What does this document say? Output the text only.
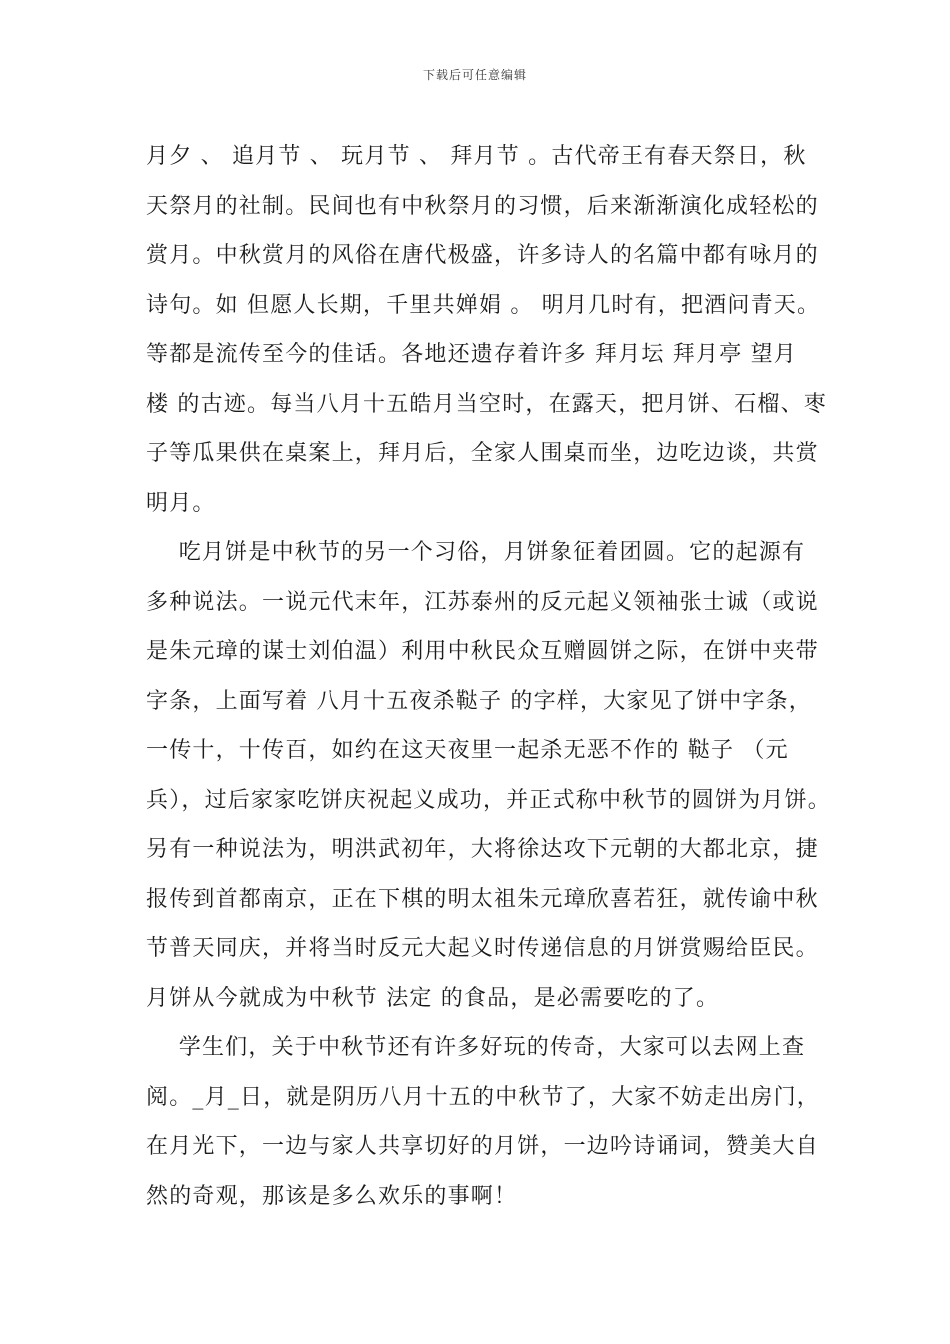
下载后可任意编辑
月夕 、 追月节 、 玩月节 、 拜月节 。古代帝王有春天祭日，秋
天祭月的社制。民间也有中秋祭月的习惯，后来渐渐演化成轻松的
赏月。中秋赏月的风俗在唐代极盛，许多诗人的名篇中都有咏月的
诗句。如 但愿人长期，千里共婵娟 。 明月几时有，把酒问青天。
等都是流传至今的佳话。各地还遗存着许多 拜月坛 拜月亭 望月
楼 的古迹。每当八月十五皓月当空时，在露天，把月饼、石榴、枣
子等瓜果供在桌案上，拜月后，全家人围桌而坐，边吃边谈，共赏
明月。
吃月饼是中秋节的另一个习俗，月饼象征着团圆。它的起源有
多种说法。一说元代末年，江苏泰州的反元起义领袖张士诚（或说
是朱元璋的谋士刘伯温）利用中秋民众互赠圆饼之际，在饼中夹带
字条，上面写着 八月十五夜杀鞑子 的字样，大家见了饼中字条，
一传十，十传百，如约在这天夜里一起杀无恶不作的 鞑子 （元
兵），过后家家吃饼庆祝起义成功，并正式称中秋节的圆饼为月饼。
另有一种说法为，明洪武初年，大将徐达攻下元朝的大都北京，捷
报传到首都南京，正在下棋的明太祖朱元璋欣喜若狂，就传谕中秋
节普天同庆，并将当时反元大起义时传递信息的月饼赏赐给臣民。
月饼从今就成为中秋节 法定 的食品，是必需要吃的了。
学生们，关于中秋节还有许多好玩的传奇，大家可以去网上查
阅。_月_日，就是阴历八月十五的中秋节了，大家不妨走出房门，
在月光下，一边与家人共享切好的月饼，一边吟诗诵词，赞美大自
然的奇观，那该是多么欢乐的事啊！
